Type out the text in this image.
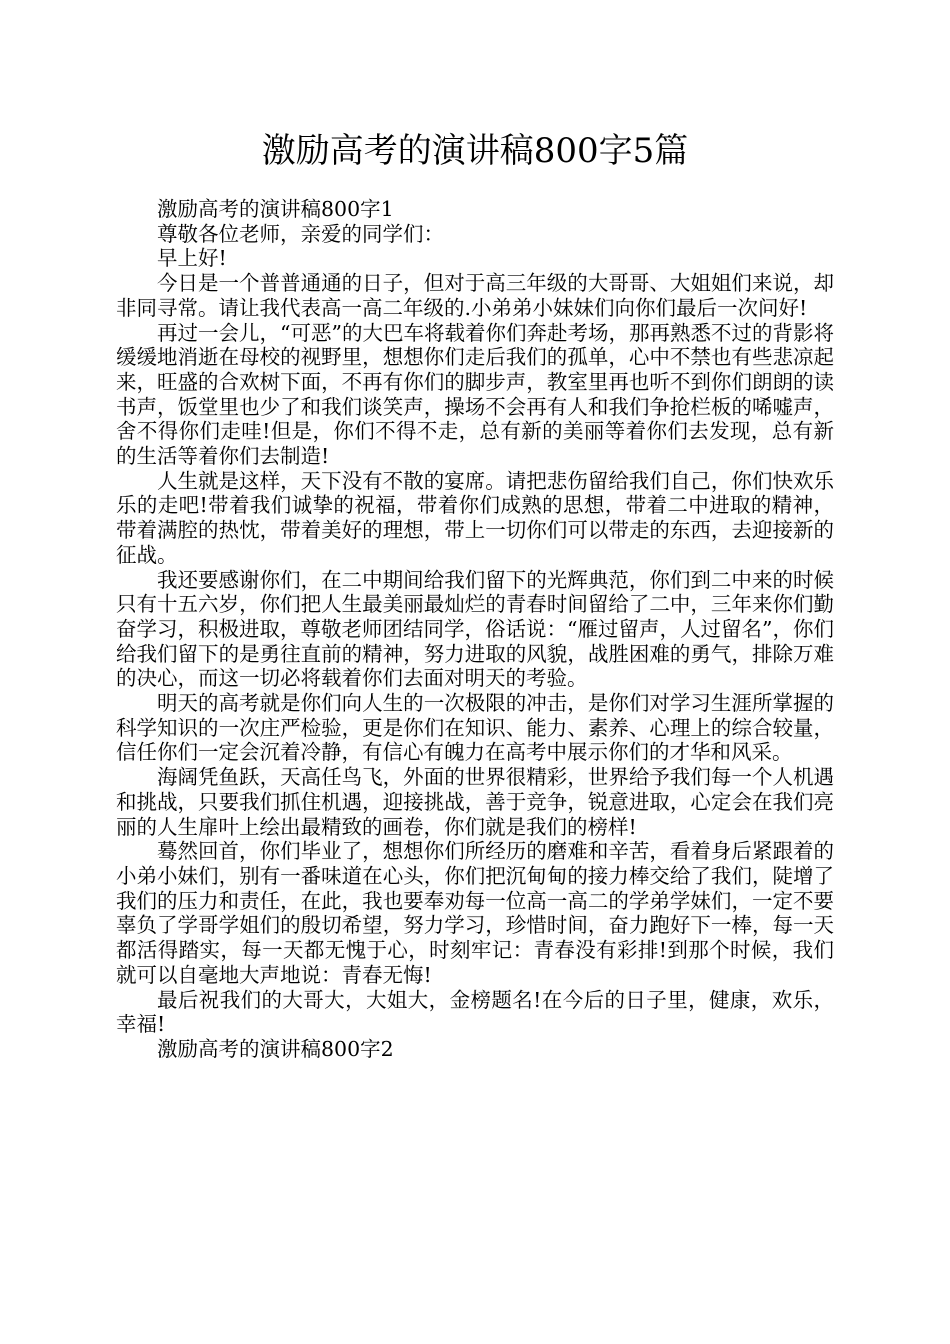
激励高考的演讲稿800字5篇

激励高考的演讲稿800字1

尊敬各位老师，亲爱的同学们：

早上好!

今日是一个普普通通的日子，但对于高三年级的大哥哥、大姐姐们来说，却非同寻常。请让我代表高一高二年级的.小弟弟小妹妹们向你们最后一次问好!

再过一会儿，“可恶”的大巴车将载着你们奔赴考场，那再熟悉不过的背影将缓缓地消逝在母校的视野里，想想你们走后我们的孤单，心中不禁也有些悲凉起来，旺盛的合欢树下面，不再有你们的脚步声，教室里再也听不到你们朗朗的读书声，饭堂里也少了和我们谈笑声，操场不会再有人和我们争抢栏板的唏嘘声，舍不得你们走哇!但是，你们不得不走，总有新的美丽等着你们去发现，总有新的生活等着你们去制造!

人生就是这样，天下没有不散的宴席。请把悲伤留给我们自己，你们快欢乐乐的走吧!带着我们诚挚的祝福，带着你们成熟的思想，带着二中进取的精神，带着满腔的热忱，带着美好的理想，带上一切你们可以带走的东西，去迎接新的征战。

我还要感谢你们，在二中期间给我们留下的光辉典范，你们到二中来的时候只有十五六岁，你们把人生最美丽最灿烂的青春时间留给了二中，三年来你们勤奋学习，积极进取，尊敬老师团结同学，俗话说：“雁过留声，人过留名”，你们给我们留下的是勇往直前的精神，努力进取的风貌，战胜困难的勇气，排除万难的决心，而这一切必将载着你们去面对明天的考验。

明天的高考就是你们向人生的一次极限的冲击，是你们对学习生涯所掌握的科学知识的一次庄严检验，更是你们在知识、能力、素养、心理上的综合较量，信任你们一定会沉着冷静，有信心有魄力在高考中展示你们的才华和风采。

海阔凭鱼跃，天高任鸟飞，外面的世界很精彩，世界给予我们每一个人机遇和挑战，只要我们抓住机遇，迎接挑战，善于竞争，锐意进取，心定会在我们亮丽的人生扉叶上绘出最精致的画卷，你们就是我们的榜样!

蓦然回首，你们毕业了，想想你们所经历的磨难和辛苦，看着身后紧跟着的小弟小妹们，别有一番味道在心头，你们把沉甸甸的接力棒交给了我们，陡增了我们的压力和责任，在此，我也要奉劝每一位高一高二的学弟学妹们，一定不要辜负了学哥学姐们的殷切希望，努力学习，珍惜时间，奋力跑好下一棒，每一天都活得踏实，每一天都无愧于心，时刻牢记：青春没有彩排!到那个时候，我们就可以自毫地大声地说：青春无悔!

最后祝我们的大哥大，大姐大，金榜题名!在今后的日子里，健康，欢乐，幸福!

激励高考的演讲稿800字2
